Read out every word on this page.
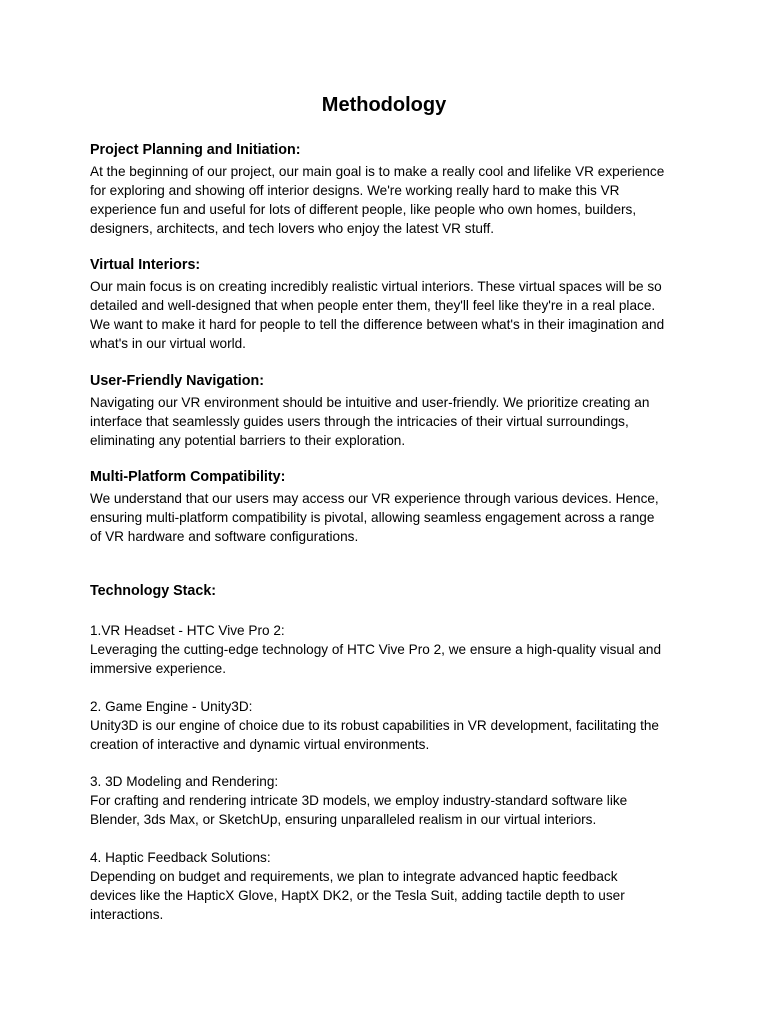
Methodology
Project Planning and Initiation:

At the beginning of our project, our main goal is to make a really cool and lifelike VR experience
for exploring and showing off interior designs. We're working really hard to make this VR
experience fun and useful for lots of different people, like people who own homes, builders,
designers, architects, and tech lovers who enjoy the latest VR stuff.

Virtual Interiors:

Our main focus is on creating incredibly realistic virtual interiors. These virtual spaces will be so
detailed and well-designed that when people enter them, they'll feel like they're in a real place.
We want to make it hard for people to tell the difference between what's in their imagination and
what's in our virtual world.

User-Friendly Navigation:

Navigating our VR environment should be intuitive and user-friendly. We prioritize creating an
interface that seamlessly guides users through the intricacies of their virtual surroundings,
eliminating any potential barriers to their exploration.

Multi-Platform Compatibility:

We understand that our users may access our VR experience through various devices. Hence,
ensuring multi-platform compatibility is pivotal, allowing seamless engagement across a range
of VR hardware and software configurations.

Technology Stack:

1.VR Headset - HTC Vive Pro 2:

Leveraging the cutting-edge technology of HTC Vive Pro 2, we ensure a high-quality visual and
immersive experience.

2. Game Engine - Unity3D:

Unity3D is our engine of choice due to its robust capabilities in VR development, facilitating the
creation of interactive and dynamic virtual environments.

3. 3D Modeling and Rendering:

For crafting and rendering intricate 3D models, we employ industry-standard software like
Blender, 3ds Max, or SketchUp, ensuring unparalleled realism in our virtual interiors.

4. Haptic Feedback Solutions:

Depending on budget and requirements, we plan to integrate advanced haptic feedback
devices like the HapticX Glove, HaptX DK2, or the Tesla Suit, adding tactile depth to user
interactions.
